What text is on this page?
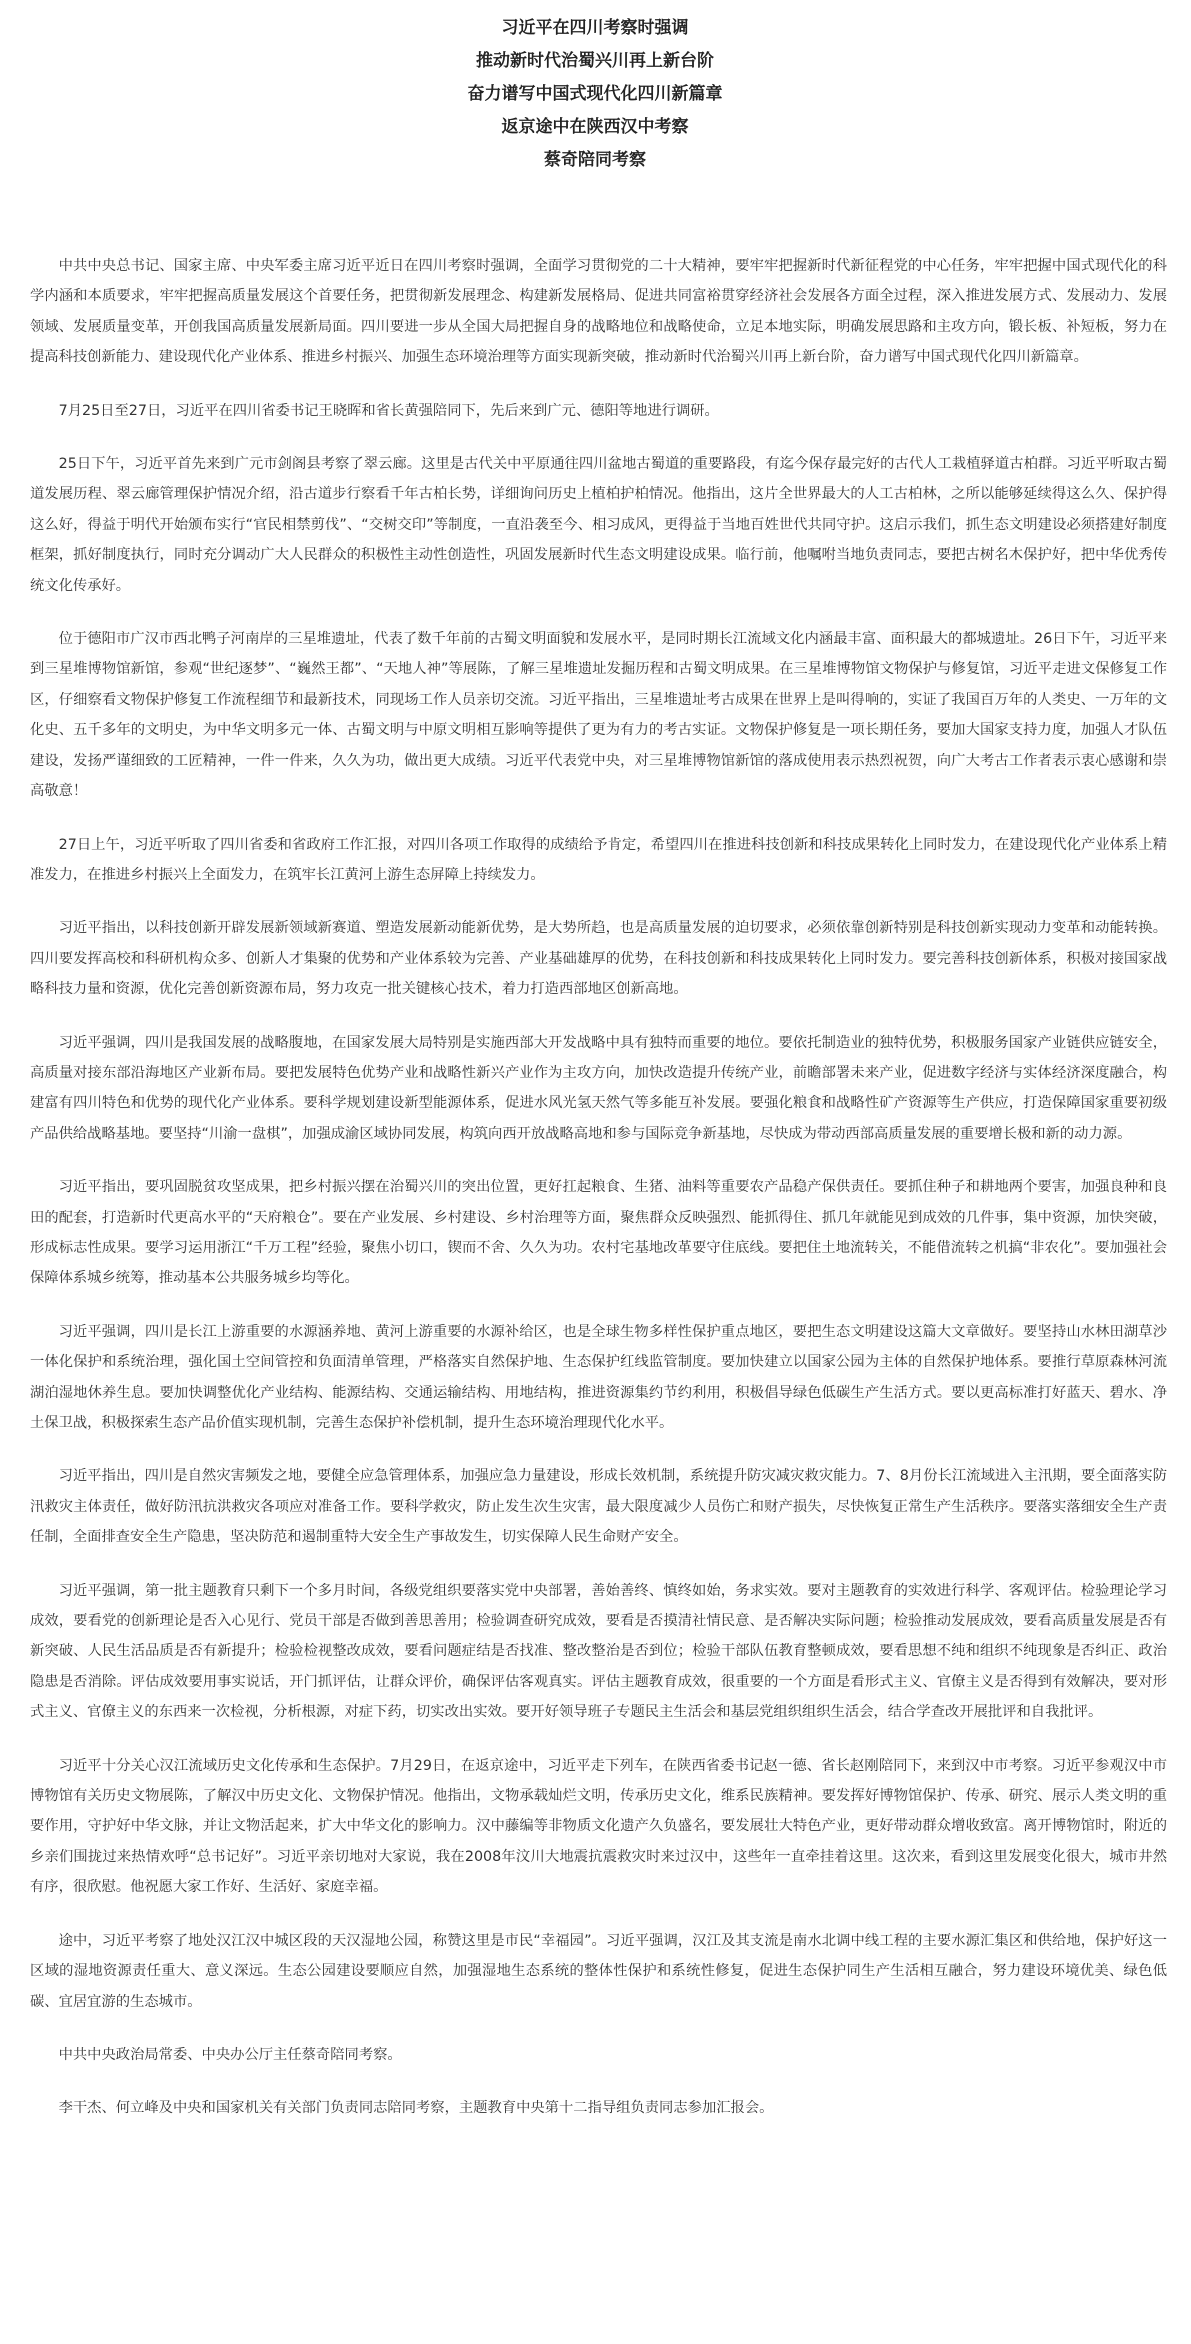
习近平在四川考察时强调
推动新时代治蜀兴川再上新台阶
奋力谱写中国式现代化四川新篇章
返京途中在陕西汉中考察
蔡奇陪同考察

中共中央总书记、国家主席、中央军委主席习近平近日在四川考察时强调，全面学习贯彻党的二十大精神，要牢牢把握新时代新征程党的中心任务，牢牢把握中国式现代化的科学内涵和本质要求，牢牢把握高质量发展这个首要任务，把贯彻新发展理念、构建新发展格局、促进共同富裕贯穿经济社会发展各方面全过程，深入推进发展方式、发展动力、发展领域、发展质量变革，开创我国高质量发展新局面。四川要进一步从全国大局把握自身的战略地位和战略使命，立足本地实际，明确发展思路和主攻方向，锻长板、补短板，努力在提高科技创新能力、建设现代化产业体系、推进乡村振兴、加强生态环境治理等方面实现新突破，推动新时代治蜀兴川再上新台阶，奋力谱写中国式现代化四川新篇章。

7月25日至27日，习近平在四川省委书记王晓晖和省长黄强陪同下，先后来到广元、德阳等地进行调研。

25日下午，习近平首先来到广元市剑阁县考察了翠云廊。这里是古代关中平原通往四川盆地古蜀道的重要路段，有迄今保存最完好的古代人工栽植驿道古柏群。习近平听取古蜀道发展历程、翠云廊管理保护情况介绍，沿古道步行察看千年古柏长势，详细询问历史上植柏护柏情况。他指出，这片全世界最大的人工古柏林，之所以能够延续得这么久、保护得这么好，得益于明代开始颁布实行“官民相禁剪伐”、“交树交印”等制度，一直沿袭至今、相习成风，更得益于当地百姓世代共同守护。这启示我们，抓生态文明建设必须搭建好制度框架，抓好制度执行，同时充分调动广大人民群众的积极性主动性创造性，巩固发展新时代生态文明建设成果。临行前，他嘱咐当地负责同志，要把古树名木保护好，把中华优秀传统文化传承好。

位于德阳市广汉市西北鸭子河南岸的三星堆遗址，代表了数千年前的古蜀文明面貌和发展水平，是同时期长江流域文化内涵最丰富、面积最大的都城遗址。26日下午，习近平来到三星堆博物馆新馆，参观“世纪逐梦”、“巍然王都”、“天地人神”等展陈，了解三星堆遗址发掘历程和古蜀文明成果。在三星堆博物馆文物保护与修复馆，习近平走进文保修复工作区，仔细察看文物保护修复工作流程细节和最新技术，同现场工作人员亲切交流。习近平指出，三星堆遗址考古成果在世界上是叫得响的，实证了我国百万年的人类史、一万年的文化史、五千多年的文明史，为中华文明多元一体、古蜀文明与中原文明相互影响等提供了更为有力的考古实证。文物保护修复是一项长期任务，要加大国家支持力度，加强人才队伍建设，发扬严谨细致的工匠精神，一件一件来，久久为功，做出更大成绩。习近平代表党中央，对三星堆博物馆新馆的落成使用表示热烈祝贺，向广大考古工作者表示衷心感谢和崇高敬意！

27日上午，习近平听取了四川省委和省政府工作汇报，对四川各项工作取得的成绩给予肯定，希望四川在推进科技创新和科技成果转化上同时发力，在建设现代化产业体系上精准发力，在推进乡村振兴上全面发力，在筑牢长江黄河上游生态屏障上持续发力。

习近平指出，以科技创新开辟发展新领域新赛道、塑造发展新动能新优势，是大势所趋，也是高质量发展的迫切要求，必须依靠创新特别是科技创新实现动力变革和动能转换。四川要发挥高校和科研机构众多、创新人才集聚的优势和产业体系较为完善、产业基础雄厚的优势，在科技创新和科技成果转化上同时发力。要完善科技创新体系，积极对接国家战略科技力量和资源，优化完善创新资源布局，努力攻克一批关键核心技术，着力打造西部地区创新高地。

习近平强调，四川是我国发展的战略腹地，在国家发展大局特别是实施西部大开发战略中具有独特而重要的地位。要依托制造业的独特优势，积极服务国家产业链供应链安全，高质量对接东部沿海地区产业新布局。要把发展特色优势产业和战略性新兴产业作为主攻方向，加快改造提升传统产业，前瞻部署未来产业，促进数字经济与实体经济深度融合，构建富有四川特色和优势的现代化产业体系。要科学规划建设新型能源体系，促进水风光氢天然气等多能互补发展。要强化粮食和战略性矿产资源等生产供应，打造保障国家重要初级产品供给战略基地。要坚持“川渝一盘棋”，加强成渝区域协同发展，构筑向西开放战略高地和参与国际竞争新基地，尽快成为带动西部高质量发展的重要增长极和新的动力源。

习近平指出，要巩固脱贫攻坚成果，把乡村振兴摆在治蜀兴川的突出位置，更好扛起粮食、生猪、油料等重要农产品稳产保供责任。要抓住种子和耕地两个要害，加强良种和良田的配套，打造新时代更高水平的“天府粮仓”。要在产业发展、乡村建设、乡村治理等方面，聚焦群众反映强烈、能抓得住、抓几年就能见到成效的几件事，集中资源，加快突破，形成标志性成果。要学习运用浙江“千万工程”经验，聚焦小切口，锲而不舍、久久为功。农村宅基地改革要守住底线。要把住土地流转关，不能借流转之机搞“非农化”。要加强社会保障体系城乡统筹，推动基本公共服务城乡均等化。

习近平强调，四川是长江上游重要的水源涵养地、黄河上游重要的水源补给区，也是全球生物多样性保护重点地区，要把生态文明建设这篇大文章做好。要坚持山水林田湖草沙一体化保护和系统治理，强化国土空间管控和负面清单管理，严格落实自然保护地、生态保护红线监管制度。要加快建立以国家公园为主体的自然保护地体系。要推行草原森林河流湖泊湿地休养生息。要加快调整优化产业结构、能源结构、交通运输结构、用地结构，推进资源集约节约利用，积极倡导绿色低碳生产生活方式。要以更高标准打好蓝天、碧水、净土保卫战，积极探索生态产品价值实现机制，完善生态保护补偿机制，提升生态环境治理现代化水平。

习近平指出，四川是自然灾害频发之地，要健全应急管理体系，加强应急力量建设，形成长效机制，系统提升防灾减灾救灾能力。7、8月份长江流域进入主汛期，要全面落实防汛救灾主体责任，做好防汛抗洪救灾各项应对准备工作。要科学救灾，防止发生次生灾害，最大限度减少人员伤亡和财产损失，尽快恢复正常生产生活秩序。要落实落细安全生产责任制，全面排查安全生产隐患，坚决防范和遏制重特大安全生产事故发生，切实保障人民生命财产安全。

习近平强调，第一批主题教育只剩下一个多月时间，各级党组织要落实党中央部署，善始善终、慎终如始，务求实效。要对主题教育的实效进行科学、客观评估。检验理论学习成效，要看党的创新理论是否入心见行、党员干部是否做到善思善用；检验调查研究成效，要看是否摸清社情民意、是否解决实际问题；检验推动发展成效，要看高质量发展是否有新突破、人民生活品质是否有新提升；检验检视整改成效，要看问题症结是否找准、整改整治是否到位；检验干部队伍教育整顿成效，要看思想不纯和组织不纯现象是否纠正、政治隐患是否消除。评估成效要用事实说话，开门抓评估，让群众评价，确保评估客观真实。评估主题教育成效，很重要的一个方面是看形式主义、官僚主义是否得到有效解决，要对形式主义、官僚主义的东西来一次检视，分析根源，对症下药，切实改出实效。要开好领导班子专题民主生活会和基层党组织组织生活会，结合学查改开展批评和自我批评。

习近平十分关心汉江流域历史文化传承和生态保护。7月29日，在返京途中，习近平走下列车，在陕西省委书记赵一德、省长赵刚陪同下，来到汉中市考察。习近平参观汉中市博物馆有关历史文物展陈，了解汉中历史文化、文物保护情况。他指出，文物承载灿烂文明，传承历史文化，维系民族精神。要发挥好博物馆保护、传承、研究、展示人类文明的重要作用，守护好中华文脉，并让文物活起来，扩大中华文化的影响力。汉中藤编等非物质文化遗产久负盛名，要发展壮大特色产业，更好带动群众增收致富。离开博物馆时，附近的乡亲们围拢过来热情欢呼“总书记好”。习近平亲切地对大家说，我在2008年汶川大地震抗震救灾时来过汉中，这些年一直牵挂着这里。这次来，看到这里发展变化很大，城市井然有序，很欣慰。他祝愿大家工作好、生活好、家庭幸福。

途中，习近平考察了地处汉江汉中城区段的天汉湿地公园，称赞这里是市民“幸福园”。习近平强调，汉江及其支流是南水北调中线工程的主要水源汇集区和供给地，保护好这一区域的湿地资源责任重大、意义深远。生态公园建设要顺应自然，加强湿地生态系统的整体性保护和系统性修复，促进生态保护同生产生活相互融合，努力建设环境优美、绿色低碳、宜居宜游的生态城市。

中共中央政治局常委、中央办公厅主任蔡奇陪同考察。

李干杰、何立峰及中央和国家机关有关部门负责同志陪同考察，主题教育中央第十二指导组负责同志参加汇报会。
